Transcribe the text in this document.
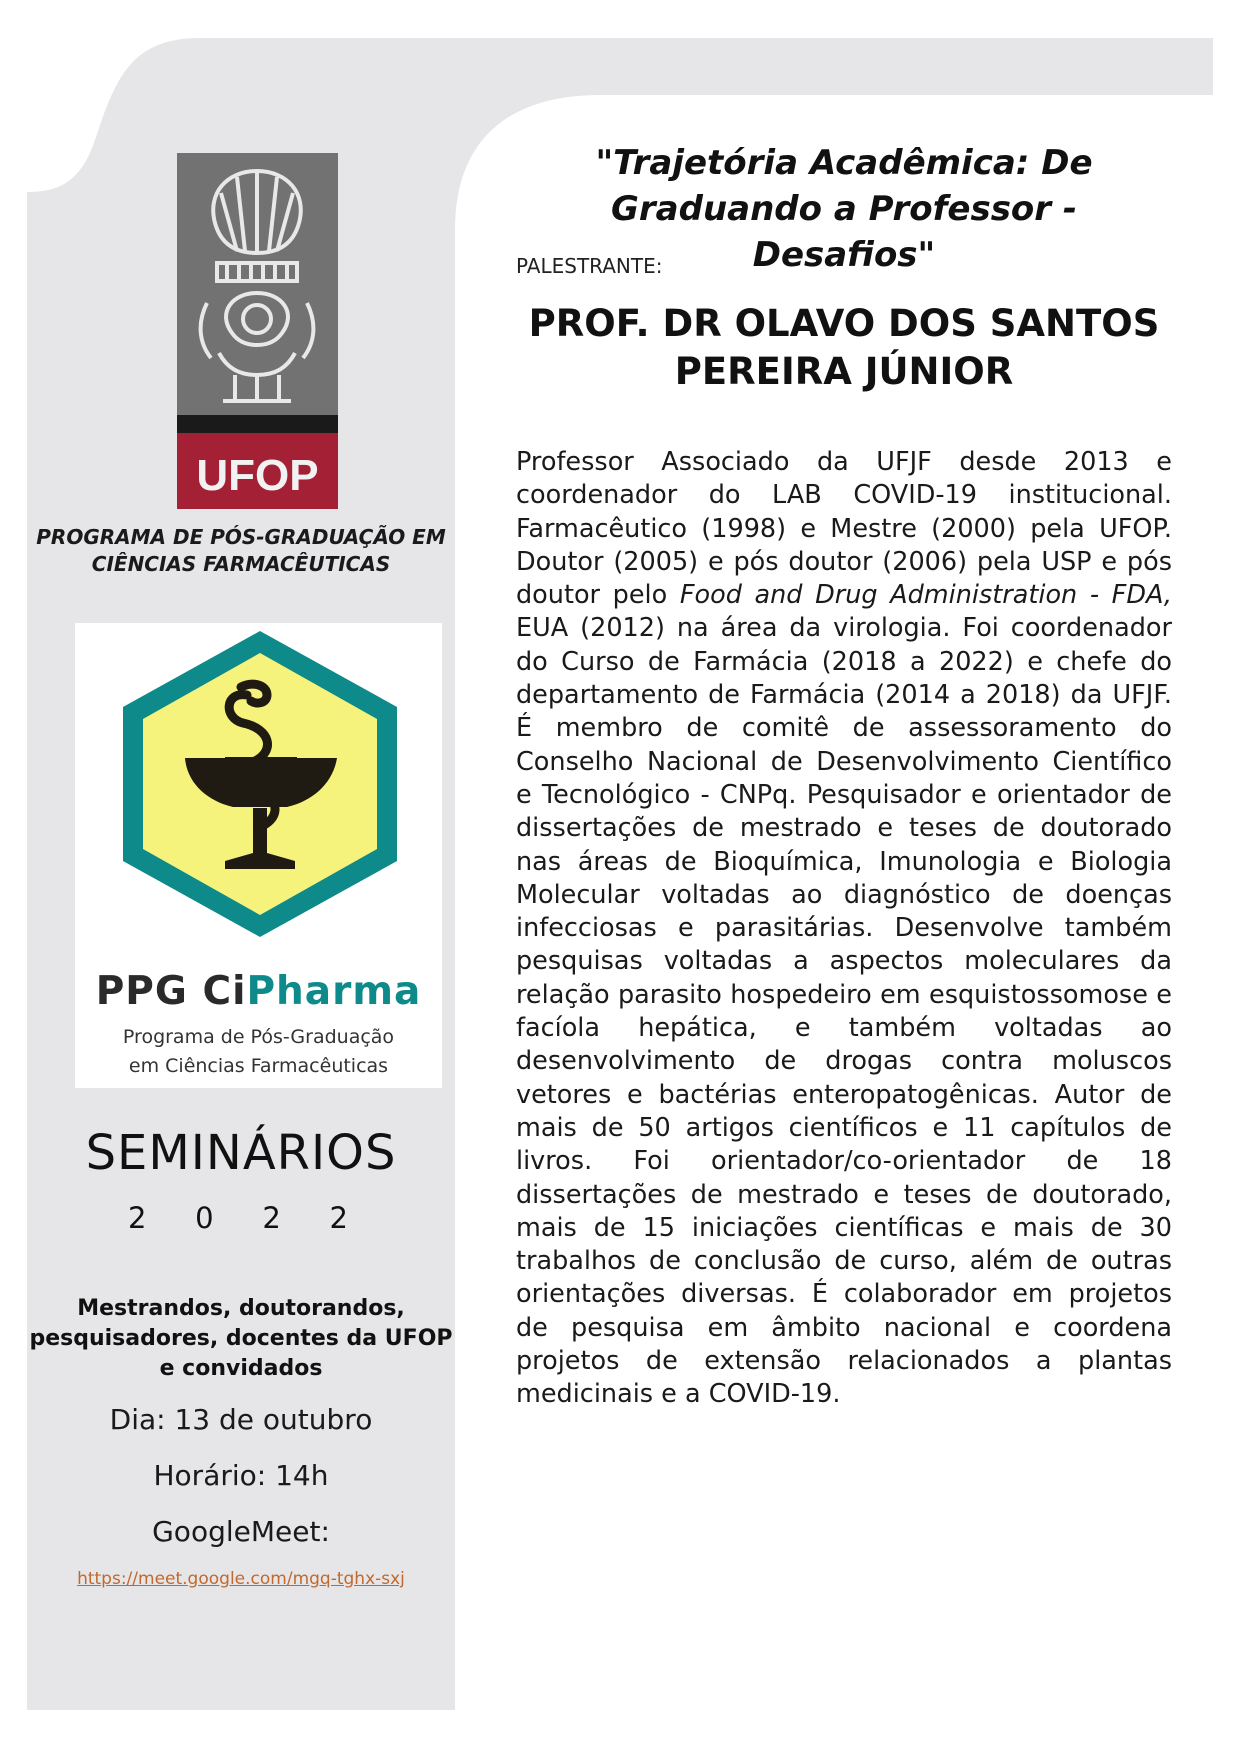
UFOP
PROGRAMA DE PÓS-GRADUAÇÃO EM CIÊNCIAS FARMACÊUTICAS
PPG CiPharma
Programa de Pós-Graduação
em Ciências Farmacêuticas
SEMINÁRIOS
2 0 2 2
Mestrandos, doutorandos, pesquisadores, docentes da UFOP e convidados
Dia: 13 de outubro
Horário: 14h
GoogleMeet:
https://meet.google.com/mgq-tghx-sxj
"Trajetória Acadêmica: De Graduando a Professor - Desafios"
PALESTRANTE:
PROF. DR OLAVO DOS SANTOS PEREIRA JÚNIOR
Professor Associado da UFJF desde 2013 e coordenador do LAB COVID-19 institucional. Farmacêutico (1998) e Mestre (2000) pela UFOP. Doutor (2005) e pós doutor (2006) pela USP e pós doutor pelo Food and Drug Administration - FDA, EUA (2012) na área da virologia. Foi coordenador do Curso de Farmácia (2018 a 2022) e chefe do departamento de Farmácia (2014 a 2018) da UFJF. É membro de comitê de assessoramento do Conselho Nacional de Desenvolvimento Científico e Tecnológico - CNPq. Pesquisador e orientador de dissertações de mestrado e teses de doutorado nas áreas de Bioquímica, Imunologia e Biologia Molecular voltadas ao diagnóstico de doenças infecciosas e parasitárias. Desenvolve também pesquisas voltadas a aspectos moleculares da relação parasito hospedeiro em esquistossomose e facíola hepática, e também voltadas ao desenvolvimento de drogas contra moluscos vetores e bactérias enteropatogênicas. Autor de mais de 50 artigos científicos e 11 capítulos de livros. Foi orientador/co-orientador de 18 dissertações de mestrado e teses de doutorado, mais de 15 iniciações científicas e mais de 30 trabalhos de conclusão de curso, além de outras orientações diversas. É colaborador em projetos de pesquisa em âmbito nacional e coordena projetos de extensão relacionados a plantas medicinais e a COVID-19.
